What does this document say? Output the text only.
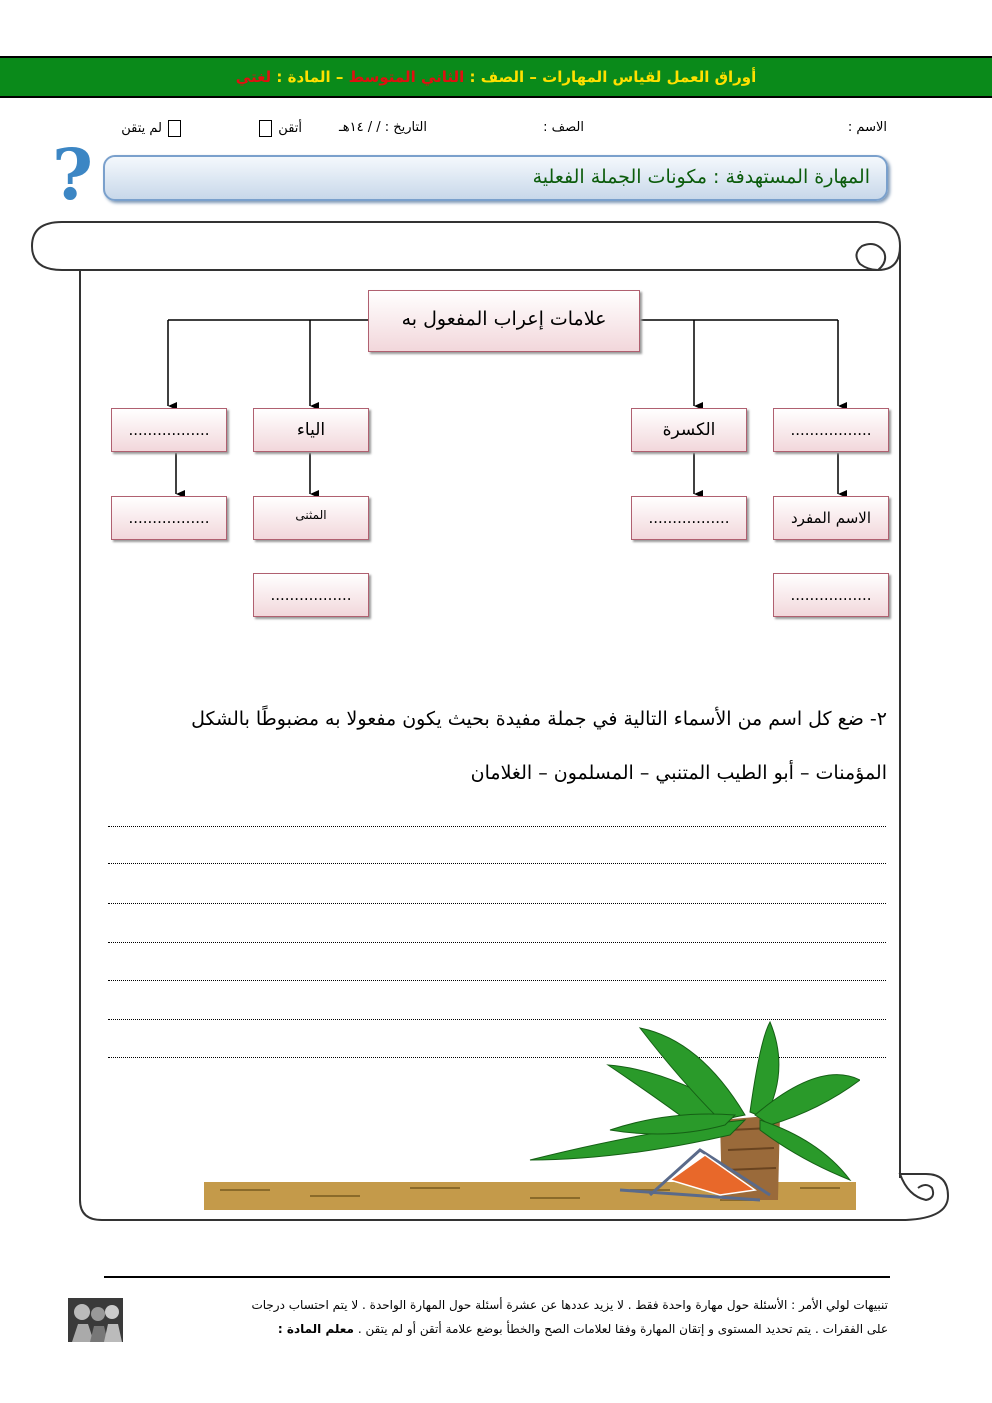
أوراق العمل لقياس المهارات – الصف : الثاني المتوسط – المادة : لغتي
الاسم :
الصف :
التاريخ : / / ١٤هـ
أتقن
لم يتقن
?	المهارة المستهدفة : مكونات الجملة الفعلية
علامات إعراب المفعول به
.................
الكسرة
الياء
.................
الاسم المفرد
.................
المثنى
.................
.................
.................
٢- ضع كل اسم من الأسماء التالية في جملة مفيدة بحيث يكون مفعولا به مضبوطًا بالشكل
المؤمنات – أبو الطيب المتنبي – المسلمون – الغلامان
تنبيهات لولي الأمر : الأسئلة حول مهارة واحدة فقط . لا يزيد عددها عن عشرة أسئلة حول المهارة الواحدة . لا يتم احتساب درجات
على الفقرات . يتم تحديد المستوى و إتقان المهارة وفقا لعلامات الصح والخطأ بوضع علامة أتقن أو لم يتقن . معلم المادة :
